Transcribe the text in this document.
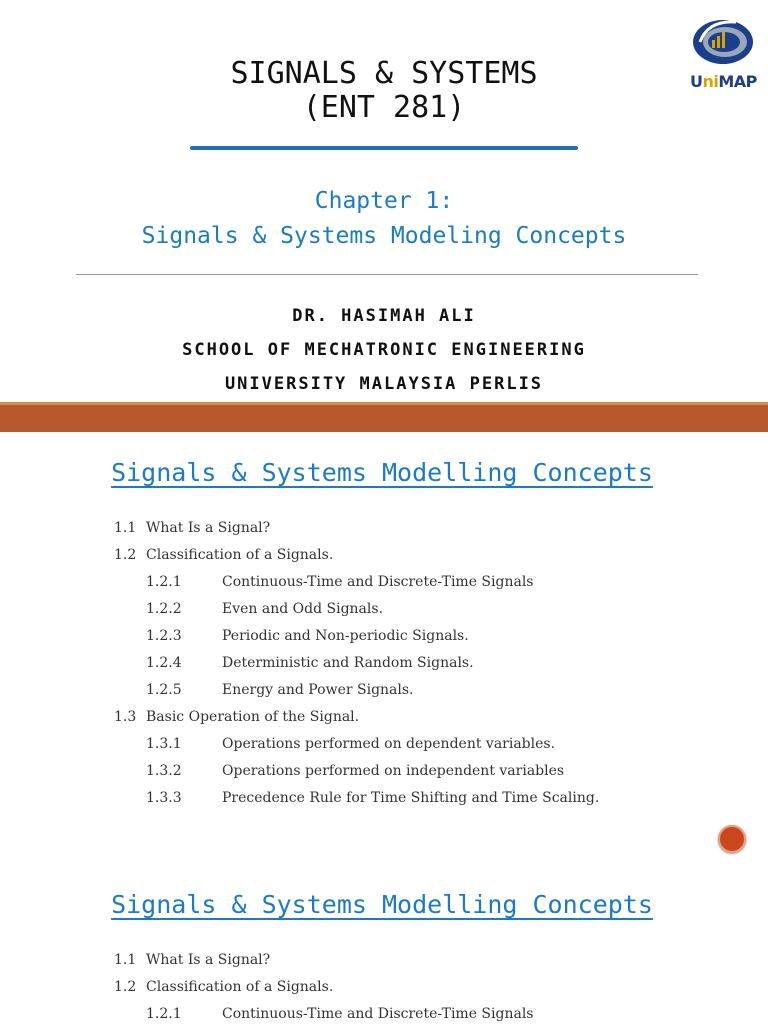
SIGNALS & SYSTEMS
(ENT 281)
Chapter 1:
Signals & Systems Modeling Concepts
DR. HASIMAH ALI
SCHOOL OF MECHATRONIC ENGINEERING
UNIVERSITY MALAYSIA PERLIS
UniMAP
Signals & Systems Modelling Concepts
1.1 What Is a Signal?
1.2 Classification of a Signals.
1.2.1	Continuous-Time and Discrete-Time Signals
1.2.2	Even and Odd Signals.
1.2.3	Periodic and Non-periodic Signals.
1.2.4	Deterministic and Random Signals.
1.2.5	Energy and Power Signals.
1.3 Basic Operation of the Signal.
1.3.1	Operations performed on dependent variables.
1.3.2	Operations performed on independent variables
1.3.3	Precedence Rule for Time Shifting and Time Scaling.
Signals & Systems Modelling Concepts
1.1 What Is a Signal?
1.2 Classification of a Signals.
1.2.1	Continuous-Time and Discrete-Time Signals
